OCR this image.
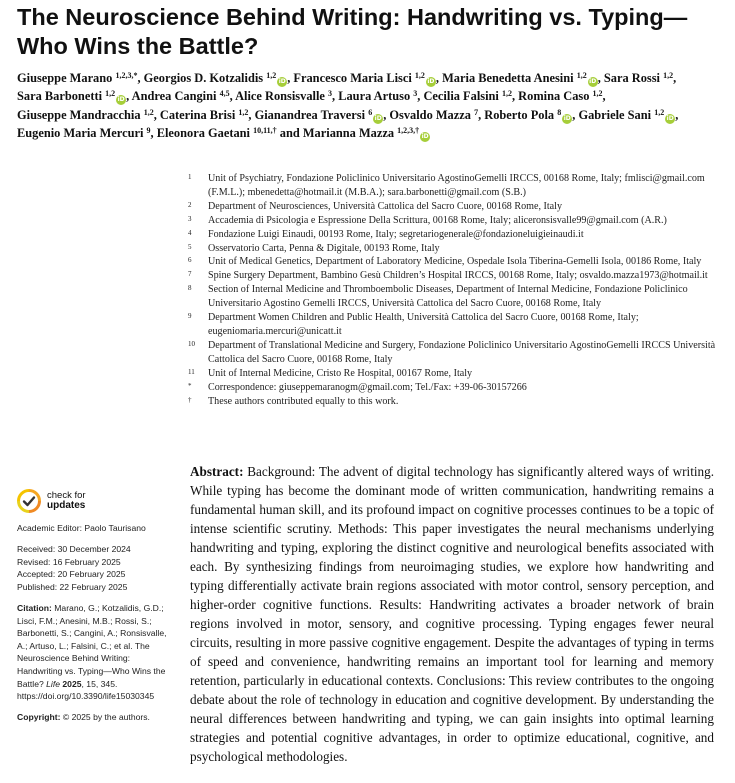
The Neuroscience Behind Writing: Handwriting vs. Typing—Who Wins the Battle?
Giuseppe Marano $^{1,2,3,*}$, Georgios D. Kotzalidis $^{1,2}$iD, Francesco Maria Lisci $^{1,2}$iD, Maria Benedetta Anesini $^{1,2}$iD, Sara Rossi $^{1,2}$, Sara Barbonetti $^{1,2}$iD, Andrea Cangini $^{4,5}$, Alice Ronsisvalle $^3$, Laura Artuso $^3$, Cecilia Falsini $^{1,2}$, Romina Caso $^{1,2}$, Giuseppe Mandracchia $^{1,2}$, Caterina Brisi $^{1,2}$, Gianandrea Traversi $^6$iD, Osvaldo Mazza $^7$, Roberto Pola $^8$iD, Gabriele Sani $^{1,2}$iD, Eugenio Maria Mercuri $^9$, Eleonora Gaetani $^{10,11,\dagger}$ and Marianna Mazza $^{1,2,3,\dagger}$iD
1	Unit of Psychiatry, Fondazione Policlinico Universitario AgostinoGemelli IRCCS, 00168 Rome, Italy; fmlisci@gmail.com (F.M.L.); mbenedetta@hotmail.it (M.B.A.); sara.barbonetti@gmail.com (S.B.)
2	Department of Neurosciences, Università Cattolica del Sacro Cuore, 00168 Rome, Italy
3	Accademia di Psicologia e Espressione Della Scrittura, 00168 Rome, Italy; aliceronsisvalle99@gmail.com (A.R.)
4	Fondazione Luigi Einaudi, 00193 Rome, Italy; segretariogenerale@fondazioneluigieinaudi.it
5	Osservatorio Carta, Penna & Digitale, 00193 Rome, Italy
6	Unit of Medical Genetics, Department of Laboratory Medicine, Ospedale Isola Tiberina-Gemelli Isola, 00186 Rome, Italy
7	Spine Surgery Department, Bambino Gesù Children’s Hospital IRCCS, 00168 Rome, Italy; osvaldo.mazza1973@hotmail.it
8	Section of Internal Medicine and Thromboembolic Diseases, Department of Internal Medicine, Fondazione Policlinico Universitario Agostino Gemelli IRCCS, Università Cattolica del Sacro Cuore, 00168 Rome, Italy
9	Department Women Children and Public Health, Università Cattolica del Sacro Cuore, 00168 Rome, Italy; eugeniomaria.mercuri@unicatt.it
10	Department of Translational Medicine and Surgery, Fondazione Policlinico Universitario AgostinoGemelli IRCCS Università Cattolica del Sacro Cuore, 00168 Rome, Italy
11	Unit of Internal Medicine, Cristo Re Hospital, 00167 Rome, Italy
*	Correspondence: giuseppemaranogm@gmail.com; Tel./Fax: +39-06-30157266
†	These authors contributed equally to this work.
check for
updates
Academic Editor: Paolo Taurisano
Received: 30 December 2024
Revised: 16 February 2025
Accepted: 20 February 2025
Published: 22 February 2025
Citation: Marano, G.; Kotzalidis, G.D.; Lisci, F.M.; Anesini, M.B.; Rossi, S.; Barbonetti, S.; Cangini, A.; Ronsisvalle, A.; Artuso, L.; Falsini, C.; et al. The Neuroscience Behind Writing: Handwriting vs. Typing—Who Wins the Battle? Life 2025, 15, 345. https://doi.org/10.3390/life15030345
Copyright: © 2025 by the authors.

Abstract: Background: The advent of digital technology has significantly altered ways of writing. While typing has become the dominant mode of written communication, handwriting remains a fundamental human skill, and its profound impact on cognitive processes continues to be a topic of intense scientific scrutiny. Methods: This paper investigates the neural mechanisms underlying handwriting and typing, exploring the distinct cognitive and neurological benefits associated with each. By synthesizing findings from neuroimaging studies, we explore how handwriting and typing differentially activate brain regions associated with motor control, sensory perception, and higher-order cognitive functions. Results: Handwriting activates a broader network of brain regions involved in motor, sensory, and cognitive processing. Typing engages fewer neural circuits, resulting in more passive cognitive engagement. Despite the advantages of typing in terms of speed and convenience, handwriting remains an important tool for learning and memory retention, particularly in educational contexts. Conclusions: This review contributes to the ongoing debate about the role of technology in education and cognitive development. By understanding the neural differences between handwriting and typing, we can gain insights into optimal learning strategies and potential cognitive advantages, in order to optimize educational, cognitive, and psychological methodologies.
